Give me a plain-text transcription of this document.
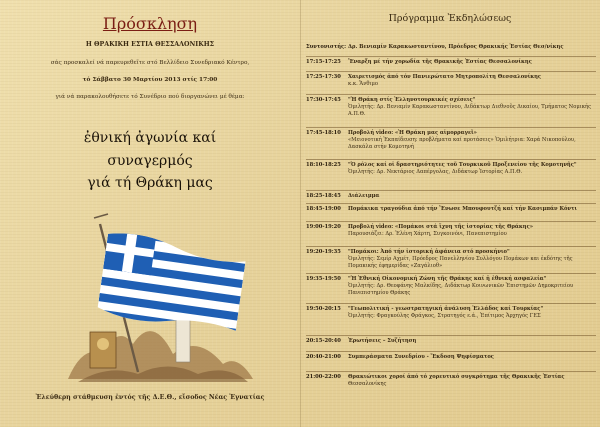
Πρόσκληση
Η ΘΡΑΚΙΚΗ ΕΣΤΙΑ ΘΕΣΣΑΛΟΝΙΚΗΣ
σάς προσκαλεί νά παρευρεθεῖτε στό Βελλίδειο Συνεδριακό Κέντρο,
τό Σάββατο 30 Μαρτίου 2013 στίς 17:00
γιά νά παρακολουθήσετε τό Συνέδριο πού διοργανώνει μέ θέμα:
ἐθνική ἀγωνία καί
συναγερμός
γιά τή Θράκη μας
Ἐλεύθερη στάθμευση ἐντός τῆς Δ.Ε.Θ., εἴσοδος Νέας Ἐγνατίας
Πρόγραμμα Ἐκδηλώσεως
Συντονιστής: Δρ. Βενιαμίν Καρακωσταντίνου, Πρόεδρος Θρακικής Ἑστίας Θεσ/νίκης
17:15-17:25	Ἔναρξη μέ τήν χορωδία τῆς Θρακικῆς Ἑστίας Θεσσαλονίκης
17:25-17:30	Χαιρετισμός ἀπό τόν Πανιερώτατο Μητροπολίτη Θεσσαλονίκης
κ.κ. Ἄνθιμο
17:30-17:45	"Ἡ Θράκη στίς Ἑλληνοτουρκικές σχέσεις"
Ὁμιλητής: Δρ. Βενιαμίν Καρακωσταντίνου, Διδάκτωρ Διεθνοῦς Δικαίου, Τμήματος Νομικής Α.Π.Θ.
17:45-18:10	Προβολή video: «Ἡ Θράκη μας αἱμορραγεῖ»
«Μειονοτική Ἐκπαίδευση: προβλήματα καί προτάσεις» Ὁμιλήτρια: Χαρά Νικοπούλου, Δασκάλα στήν Κομοτηνή
18:10-18:25	"Ὁ ρόλος καί οἱ δραστηριότητες τοῦ Τουρκικοῦ Προξενείου τῆς Κομοτηνῆς"
Ὁμιλητής: Δρ. Νεκτάριος Δαπέργολας, Διδάκτωρ Ἱστορίας Α.Π.Θ.
18:25-18:45	Διάλειμμα
18:45-19:00	Πομάκικα τραγούδια ἀπό τήν Ἕνωσε Μπουφουτζή καί τήν Κασιμπάν Κόντι
19:00-19:20	Προβολή video: «Πομάκοι στά ἴχνη τῆς ἱστορίας τῆς Θράκης»
Παρουσιάζει: Δρ. Ἑλένη Χάρτη, Συγκοινόνι, Πανεπιστημίου
19:20-19:35	"Πομάκοι: Ἀπό τήν ἱστορική ἀφάνεια στό προσκήνιο"
Ὁμιλητής: Σεμίρ Αχμέτ, Πρόεδρος Πανελληνίου Συλλόγου Πομάκων και ἐκδότης τῆς Πομακικής ἐφημερίδας «Ζαγάλιοθ»
19:35-19:50	"Ἡ Ἐθνική Οἰκονομική Ζώνη τῆς Θράκης καί ἡ ἐθνική ασφαλεία"
Ὁμιλητής: Δρ. Θεοφάνης Μαλκίδης, Διδάκτωρ Κοινωνικῶν Ἐπιστημῶν Δημοκριτείου Πανεπιστημίου Θράκης
19:50-20:15	"Γεωπολιτική - γεωστρατηγική ἀνάλυση Ἑλλάδος καί Τουρκίας"
Ὁμιλητής: Φραγκούλης Φράγκος, Στρατηγός ε.ά., Ἐπίτιμος Ἀρχηγός ΓΕΣ
20:15-20:40	Ἐρωτήσεις – Συζήτηση
20:40-21:00	Συμπεράσματα Συνεδρίου - Ἔκδοση Ψηφίσματος
21:00-22:00	Θρακιώτικοι χοροί ἀπό τό χορευτικό συγκρότημα τῆς Θρακικῆς Ἑστίας
Θεσσαλονίκης
